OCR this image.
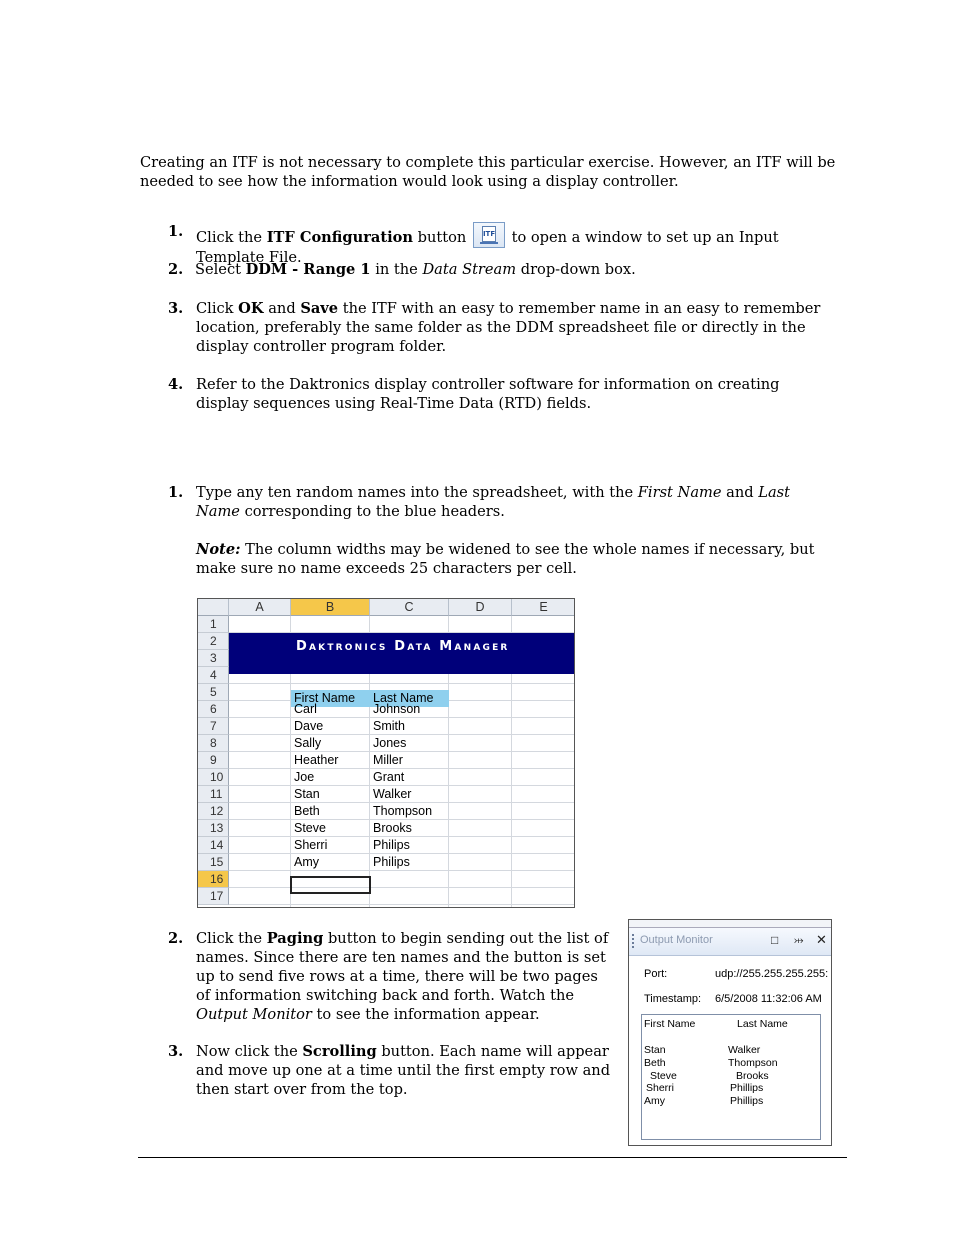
Creating an ITF is not necessary to complete this particular exercise. However, an ITF will be needed to see how the information would look using a display controller.

1. Click the ITF Configuration button ITF to open a window to set up an Input Template File.

2. Select DDM - Range 1 in the Data Stream drop-down box.

3. Click OK and Save the ITF with an easy to remember name in an easy to remember location, preferably the same folder as the DDM spreadsheet file or directly in the display controller program folder.

4. Refer to the Daktronics display controller software for information on creating display sequences using Real-Time Data (RTD) fields.

1. Type any ten random names into the spreadsheet, with the First Name and Last Name corresponding to the blue headers.

Note: The column widths may be widened to see the whole names if necessary, but make sure no name exceeds 25 characters per cell.

A	B	C	D	E
1
2
3
4
5
6
7
8
9
10
11
12
13
14
15
16
17
Daktronics Data Manager
First Name	Last Name
Carl	Johnson
Dave	Smith
Sally	Jones
Heather	Miller
Joe	Grant
Stan	Walker
Beth	Thompson
Steve	Brooks
Sherri	Philips
Amy	Philips
2. Click the Paging button to begin sending out the list of names. Since there are ten names and the button is set up to send five rows at a time, there will be two pages of information switching back and forth. Watch the Output Monitor to see the information appear.

3. Now click the Scrolling button. Each name will appear and move up one at a time until the first empty row and then start over from the top.

Output Monitor	□ ⤔ ✕
Port:	udp://255.255.255.255:
Timestamp: 6/5/2008 11:32:06 AM
First Name	Last Name
Stan	Walker
Beth	Thompson
Steve	Brooks
Sherri	Phillips
Amy	Phillips
